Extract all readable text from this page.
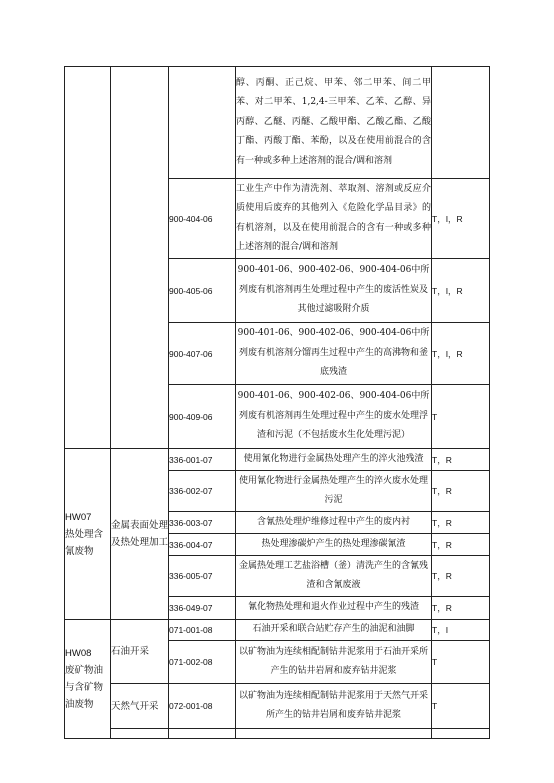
			醇、丙酮、正己烷、甲苯、邻二甲苯、间二甲苯、对二甲苯、1,2,4-三甲苯、乙苯、乙醇、异丙醇、乙醚、丙醚、乙酸甲酯、乙酸乙酯、乙酸丁酯、丙酸丁酯、苯酚，以及在使用前混合的含有一种或多种上述溶剂的混合/调和溶剂	
		900-404-06	工业生产中作为清洗剂、萃取剂、溶剂或反应介质使用后废弃的其他列入《危险化学品目录》的有机溶剂，以及在使用前混合的含有一种或多种上述溶剂的混合/调和溶剂	T，I，R
		900-405-06	900-401-06、900-402-06、900-404-06中所列废有机溶剂再生处理过程中产生的废活性炭及其他过滤吸附介质	T，I，R
		900-407-06	900-401-06、900-402-06、900-404-06中所列废有机溶剂分馏再生过程中产生的高沸物和釜底残渣	T，I，R
		900-409-06	900-401-06、900-402-06、900-404-06中所列废有机溶剂再生处理过程中产生的废水处理浮渣和污泥（不包括废水生化处理污泥）	T

HW07
热处理含氰废物	金属表面处理及热处理加工	336-001-07	使用氰化物进行金属热处理产生的淬火池残渣	T，R
		336-002-07	使用氰化物进行金属热处理产生的淬火废水处理污泥	T，R
		336-003-07	含氰热处理炉维修过程中产生的废内衬	T，R
		336-004-07	热处理渗碳炉产生的热处理渗碳氰渣	T，R
		336-005-07	金属热处理工艺盐浴槽（釜）清洗产生的含氰残渣和含氰废液	T，R
		336-049-07	氰化物热处理和退火作业过程中产生的残渣	T，R

HW08
废矿物油与含矿物油废物	石油开采	071-001-08	石油开采和联合站贮存产生的油泥和油脚	T，I
		071-002-08	以矿物油为连续相配制钻井泥浆用于石油开采所产生的钻井岩屑和废弃钻井泥浆	T
	天然气开采	072-001-08	以矿物油为连续相配制钻井泥浆用于天然气开采所产生的钻井岩屑和废弃钻井泥浆	T
